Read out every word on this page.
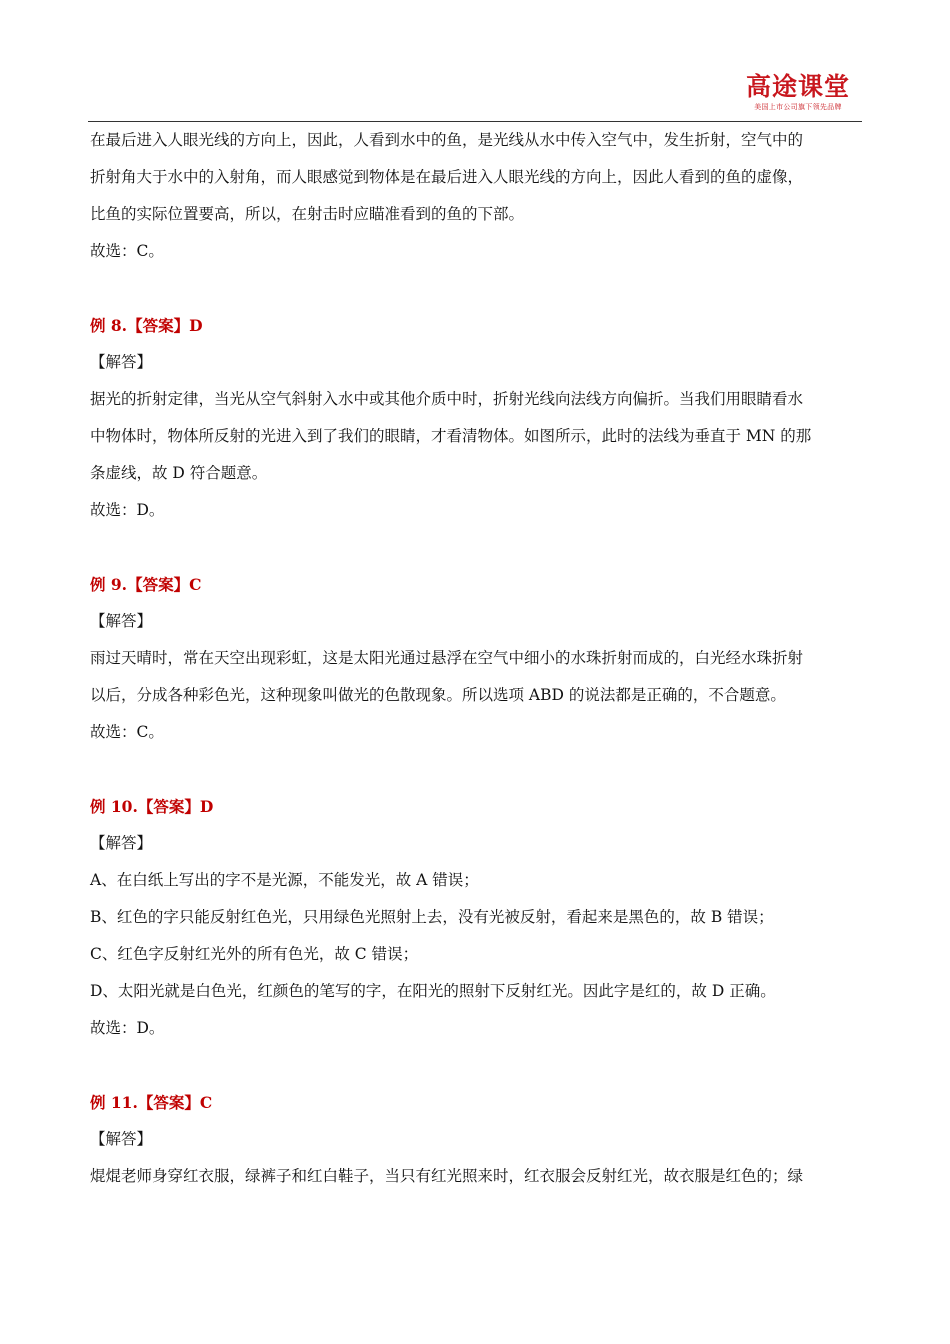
高途课堂
美国上市公司旗下领先品牌

在最后进入人眼光线的方向上，因此，人看到水中的鱼，是光线从水中传入空气中，发生折射，空气中的

折射角大于水中的入射角，而人眼感觉到物体是在最后进入人眼光线的方向上，因此人看到的鱼的虚像，

比鱼的实际位置要高，所以，在射击时应瞄准看到的鱼的下部。

故选：C。

例 8.【答案】D

【解答】

据光的折射定律，当光从空气斜射入水中或其他介质中时，折射光线向法线方向偏折。当我们用眼睛看水

中物体时，物体所反射的光进入到了我们的眼睛，才看清物体。如图所示，此时的法线为垂直于 MN 的那

条虚线，故 D 符合题意。

故选：D。

例 9.【答案】C

【解答】

雨过天晴时，常在天空出现彩虹，这是太阳光通过悬浮在空气中细小的水珠折射而成的，白光经水珠折射

以后，分成各种彩色光，这种现象叫做光的色散现象。所以选项 ABD 的说法都是正确的，不合题意。

故选：C。

例 10.【答案】D

【解答】

A、在白纸上写出的字不是光源，不能发光，故 A 错误；

B、红色的字只能反射红色光，只用绿色光照射上去，没有光被反射，看起来是黑色的，故 B 错误；

C、红色字反射红光外的所有色光，故 C 错误；

D、太阳光就是白色光，红颜色的笔写的字，在阳光的照射下反射红光。因此字是红的，故 D 正确。

故选：D。

例 11.【答案】C

【解答】

焜焜老师身穿红衣服，绿裤子和红白鞋子，当只有红光照来时，红衣服会反射红光，故衣服是红色的；绿
